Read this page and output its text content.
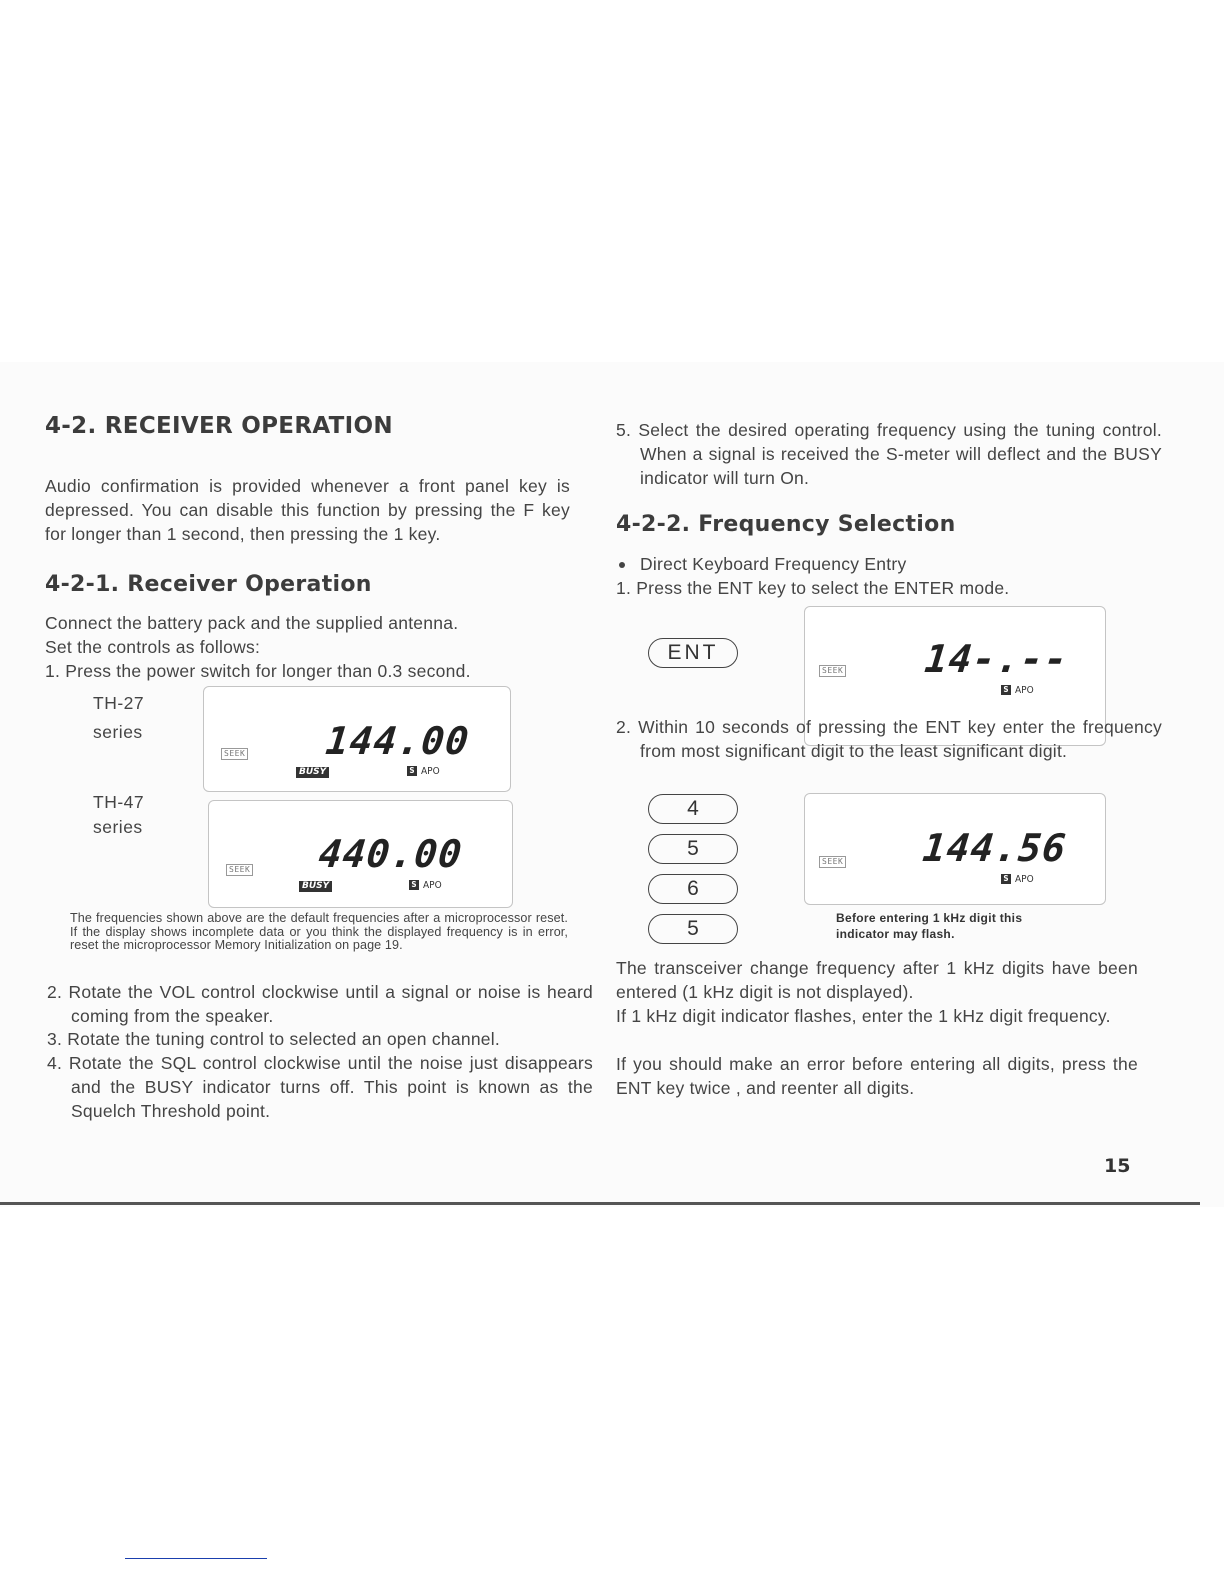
4-2. RECEIVER OPERATION

Audio confirmation is provided whenever a front panel key is depressed. You can disable this function by pressing the F key for longer than 1 second, then pressing the 1 key.

4-2-1. Receiver Operation

Connect the battery pack and the supplied antenna.

Set the controls as follows:

1. Press the power switch for longer than 0.3 second.

TH-27
series
SEEK 144.00
BUSY	S APO
TH-47
series
SEEK 440.00
BUSY	S APO

The frequencies shown above are the default frequencies after a microprocessor reset. If the display shows incomplete data or you think the displayed frequency is in error, reset the microprocessor Memory Initialization on page 19.

2. Rotate the VOL control clockwise until a signal or noise is heard coming from the speaker.

3. Rotate the tuning control to selected an open channel.

4. Rotate the SQL control clockwise until the noise just disappears and the BUSY indicator turns off. This point is known as the Squelch Threshold point.

5. Select the desired operating frequency using the tuning control. When a signal is received the S-meter will deflect and the BUSY indicator will turn On.

4-2-2. Frequency Selection

Direct Keyboard Frequency Entry

1. Press the ENT key to select the ENTER mode.

ENT
SEEK 14-.--
S APO

2. Within 10 seconds of pressing the ENT key enter the frequency from most significant digit to the least significant digit.

4
5
6
5
SEEK 144.56
S APO
Before entering 1 kHz digit this indicator may flash.

The transceiver change frequency after 1 kHz digits have been entered (1 kHz digit is not displayed).

If 1 kHz digit indicator flashes, enter the 1 kHz digit frequency.

If you should make an error before entering all digits, press the ENT key twice , and reenter all digits.

15
